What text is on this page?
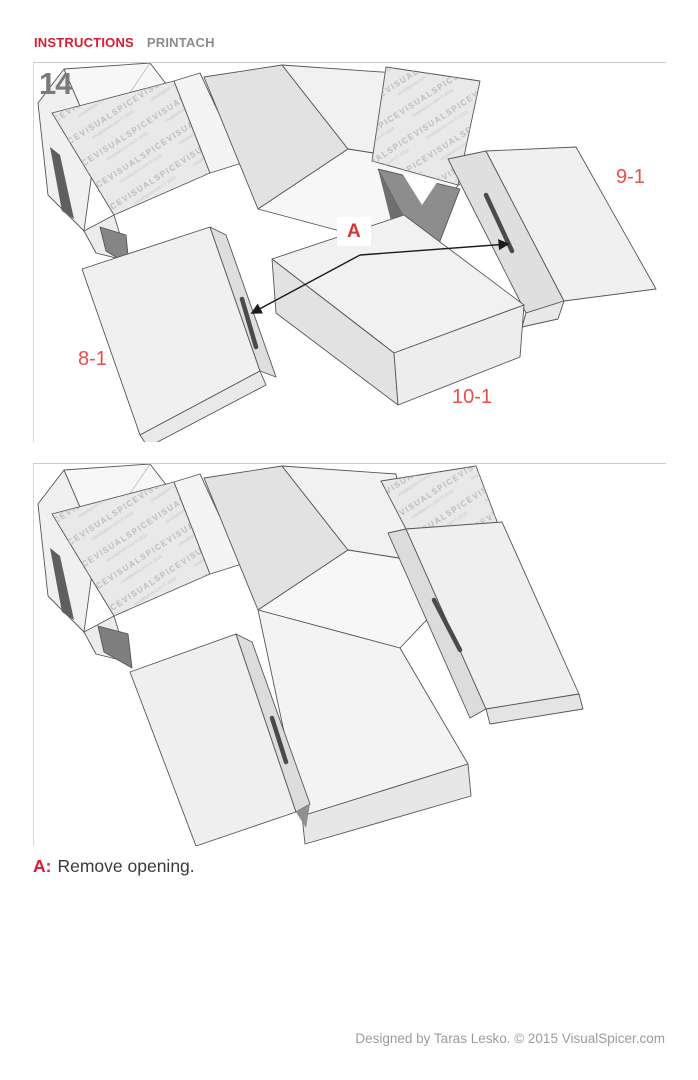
INSTRUCTIONS PRINTACH
14
9-1
8-1
10-1
A
A: Remove opening.
Designed by Taras Lesko. © 2015 VisualSpicer.com
